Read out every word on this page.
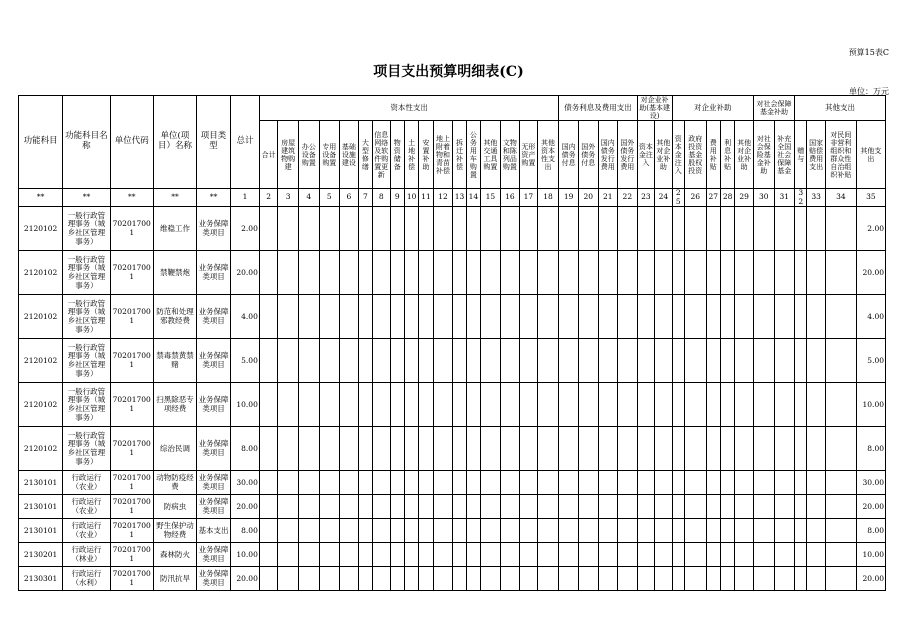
预算15表C
项目支出预算明细表(C)
单位：万元
功能科目	功能科目名称	单位代码	单位(项目）名称	项目类型	总计	资本性支出																	债务利息及费用支出				对企业补助(基本建设)		对企业补助					对社会保障基金补助		其他支出			
						合计	房屋建筑物购建	办公设备购置	专用设备购置	基础设施建设	大型修缮	信息网络及软件购置更新	物资储备	土地补偿	安置补助	地上附着物和青苗补偿	拆迁补偿	公务用车购置	其他交通工具购置	文物和陈列品购置	无形资产购置	其他资本性支出	国内债务付息	国外债务付息	国内债务发行费用	国外债务发行费用	资本金注入	其他对企业补助	资本金注入	政府投资基金股权投资	费用补贴	利息补贴	其他对企业补助	对社会保险基金补助	补充全国社会保障基金	赠与	国家赔偿费用支出	对民间非营利组织和群众性自治组织补贴	其他支出
**	**	**	**	**	1	2	3	4	5	6	7	8	9	10	11	12	13	14	15	16	17	18	19	20	21	22	23	24	25	26	27	28	29	30	31	32	33	34	35
2120102	一般行政管理事务（城乡社区管理事务）	702017001	维稳工作	业务保障类项目	2.00																																		2.00
2120102	一般行政管理事务（城乡社区管理事务）	702017001	禁鞭禁炮	业务保障类项目	20.00																																		20.00
2120102	一般行政管理事务（城乡社区管理事务）	702017001	防范和处理邪教经费	业务保障类项目	4.00																																		4.00
2120102	一般行政管理事务（城乡社区管理事务）	702017001	禁毒禁黄禁赌	业务保障类项目	5.00																																		5.00
2120102	一般行政管理事务（城乡社区管理事务）	702017001	扫黑除恶专项经费	业务保障类项目	10.00																																		10.00
2120102	一般行政管理事务（城乡社区管理事务）	702017001	综治民调	业务保障类项目	8.00																																		8.00
2130101	行政运行（农业）	702017001	动物防疫经费	业务保障类项目	30.00																																		30.00
2130101	行政运行（农业）	702017001	防病虫	业务保障类项目	20.00																																		20.00
2130101	行政运行（农业）	702017001	野生保护动物经费	基本支出	8.00																																		8.00
2130201	行政运行（林业）	702017001	森林防火	业务保障类项目	10.00																																		10.00
2130301	行政运行（水利）	702017001	防汛抗旱	业务保障类项目	20.00																																		20.00
